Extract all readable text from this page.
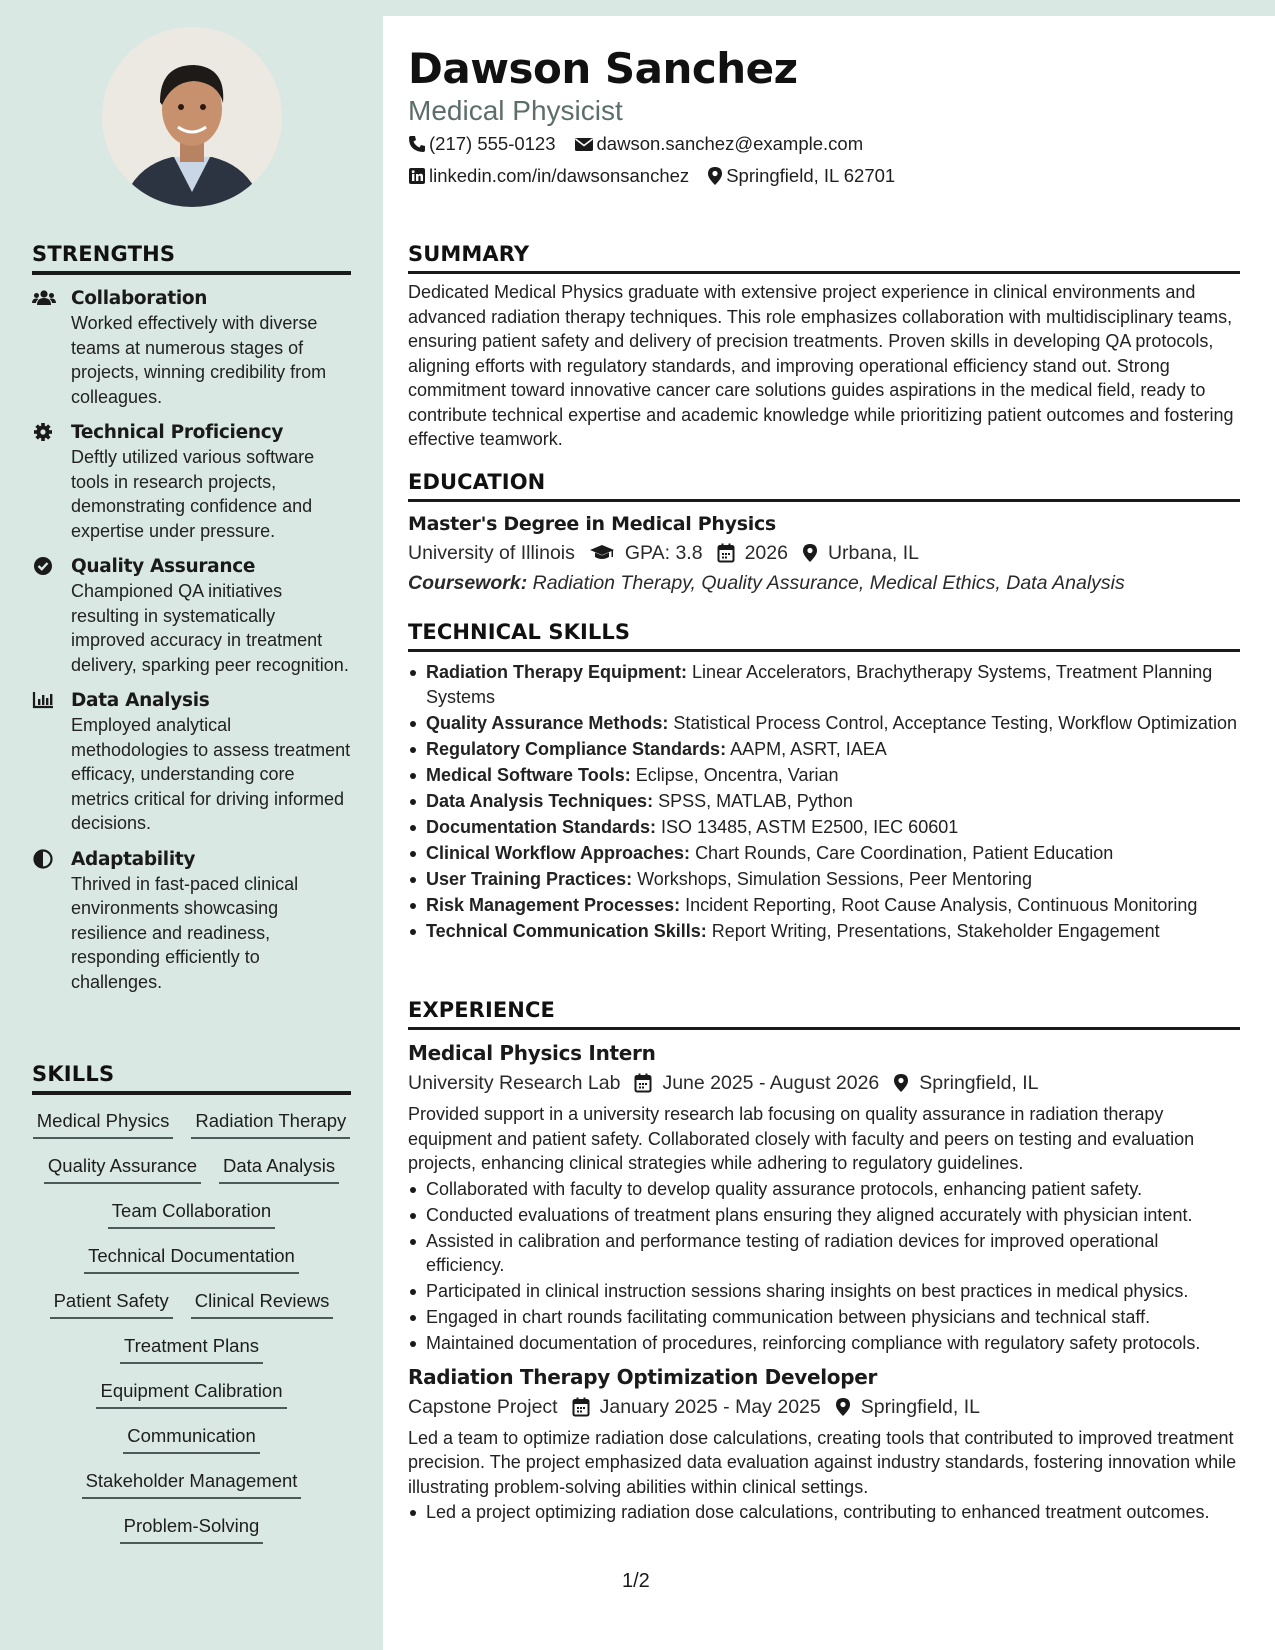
STRENGTHS
Collaboration
Worked effectively with diverse teams at numerous stages of projects, winning credibility from colleagues.
Technical Proficiency
Deftly utilized various software tools in research projects, demonstrating confidence and expertise under pressure.
Quality Assurance
Championed QA initiatives resulting in systematically improved accuracy in treatment delivery, sparking peer recognition.
Data Analysis
Employed analytical methodologies to assess treatment efficacy, understanding core metrics critical for driving informed decisions.
Adaptability
Thrived in fast-paced clinical environments showcasing resilience and readiness, responding efficiently to challenges.
SKILLS
Medical Physics Radiation Therapy
Quality Assurance Data Analysis
Team Collaboration
Technical Documentation
Patient Safety Clinical Reviews
Treatment Plans
Equipment Calibration
Communication
Stakeholder Management
Problem-Solving
Dawson Sanchez
Medical Physicist
(217) 555-0123 dawson.sanchez@example.com
linkedin.com/in/dawsonsanchez Springfield, IL 62701
SUMMARY
Dedicated Medical Physics graduate with extensive project experience in clinical environments and advanced radiation therapy techniques. This role emphasizes collaboration with multidisciplinary teams, ensuring patient safety and delivery of precision treatments. Proven skills in developing QA protocols, aligning efforts with regulatory standards, and improving operational efficiency stand out. Strong commitment toward innovative cancer care solutions guides aspirations in the medical field, ready to contribute technical expertise and academic knowledge while prioritizing patient outcomes and fostering effective teamwork.
EDUCATION
Master's Degree in Medical Physics
University of Illinois	GPA: 3.8 2026 Urbana, IL
Coursework: Radiation Therapy, Quality Assurance, Medical Ethics, Data Analysis
TECHNICAL SKILLS
Radiation Therapy Equipment: Linear Accelerators, Brachytherapy Systems, Treatment Planning Systems
Quality Assurance Methods: Statistical Process Control, Acceptance Testing, Workflow Optimization
Regulatory Compliance Standards: AAPM, ASRT, IAEA
Medical Software Tools: Eclipse, Oncentra, Varian
Data Analysis Techniques: SPSS, MATLAB, Python
Documentation Standards: ISO 13485, ASTM E2500, IEC 60601
Clinical Workflow Approaches: Chart Rounds, Care Coordination, Patient Education
User Training Practices: Workshops, Simulation Sessions, Peer Mentoring
Risk Management Processes: Incident Reporting, Root Cause Analysis, Continuous Monitoring
Technical Communication Skills: Report Writing, Presentations, Stakeholder Engagement
EXPERIENCE
Medical Physics Intern
University Research Lab June 2025 - August 2026 Springfield, IL
Provided support in a university research lab focusing on quality assurance in radiation therapy equipment and patient safety. Collaborated closely with faculty and peers on testing and evaluation projects, enhancing clinical strategies while adhering to regulatory guidelines.
Collaborated with faculty to develop quality assurance protocols, enhancing patient safety.
Conducted evaluations of treatment plans ensuring they aligned accurately with physician intent.
Assisted in calibration and performance testing of radiation devices for improved operational efficiency.
Participated in clinical instruction sessions sharing insights on best practices in medical physics.
Engaged in chart rounds facilitating communication between physicians and technical staff.
Maintained documentation of procedures, reinforcing compliance with regulatory safety protocols.
Radiation Therapy Optimization Developer
Capstone Project January 2025 - May 2025 Springfield, IL
Led a team to optimize radiation dose calculations, creating tools that contributed to improved treatment precision. The project emphasized data evaluation against industry standards, fostering innovation while illustrating problem-solving abilities within clinical settings.
Led a project optimizing radiation dose calculations, contributing to enhanced treatment outcomes.
1/2
